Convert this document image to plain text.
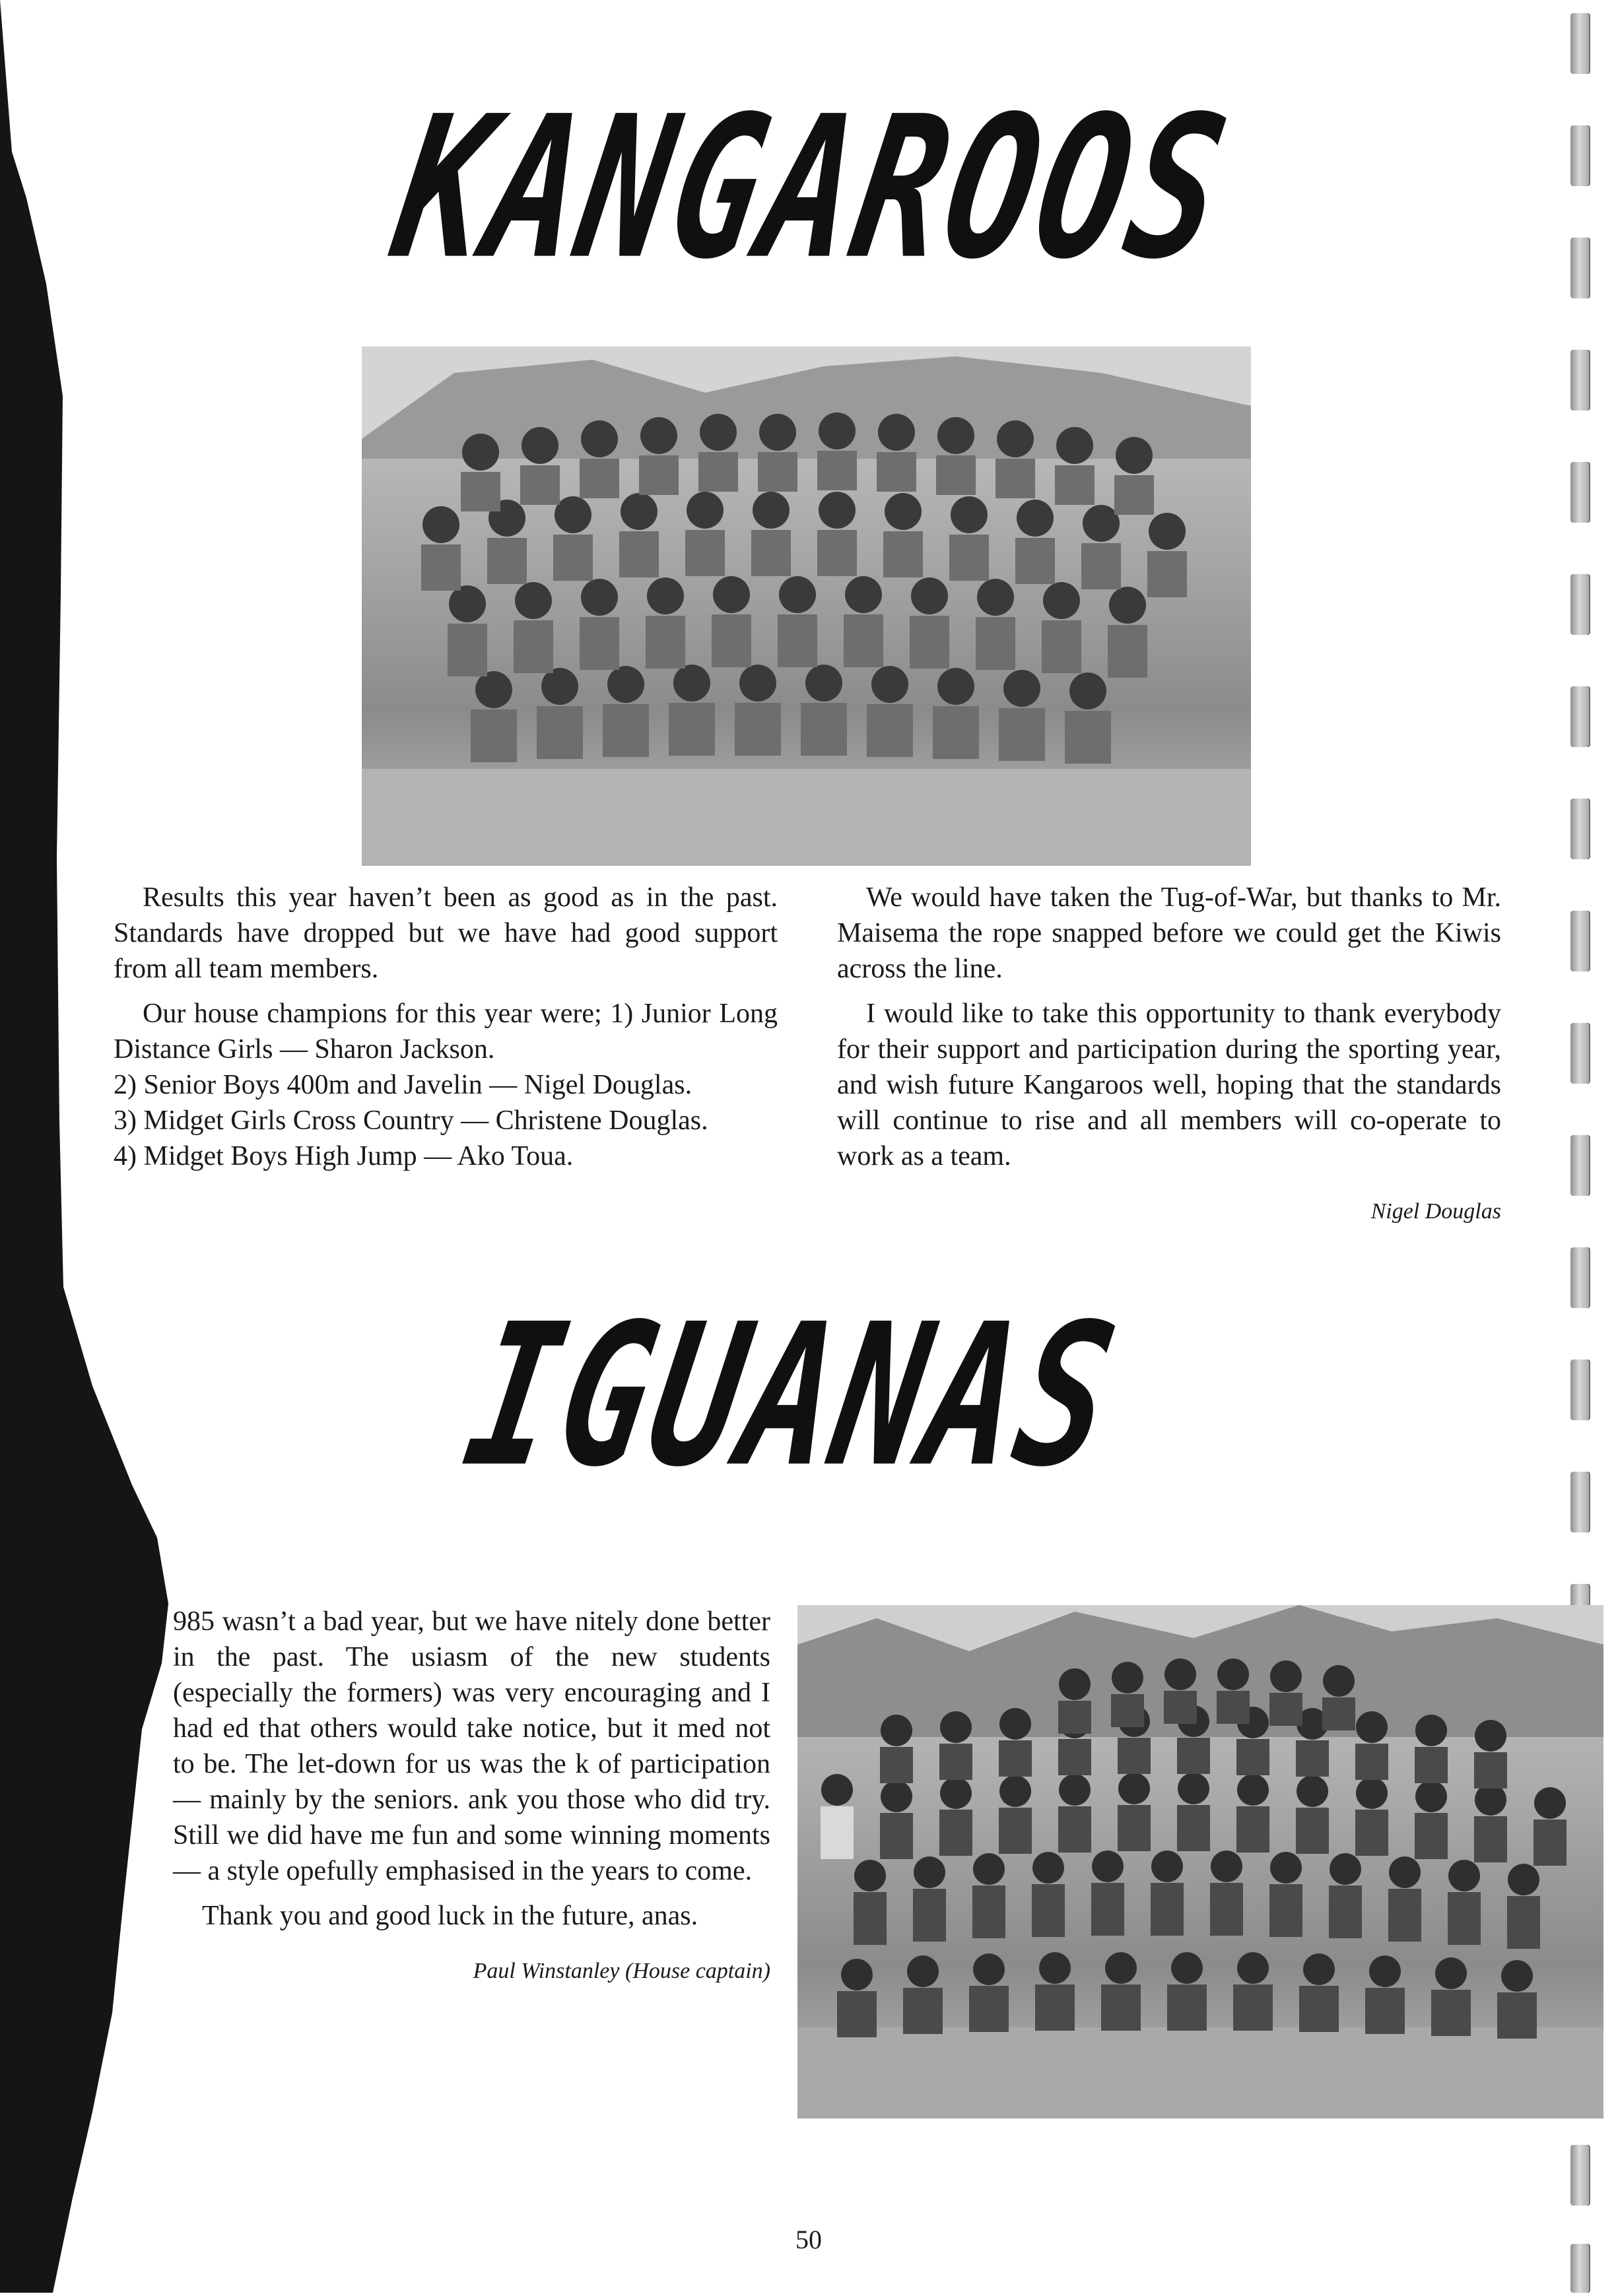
KANGAROOS

Results this year haven’t been as good as in the past. Standards have dropped but we have had good support from all team members.

Our house champions for this year were; 1) Junior Long Distance Girls — Sharon Jackson.

2) Senior Boys 400m and Javelin — Nigel Douglas.
3) Midget Girls Cross Country — Christene Douglas.
4) Midget Boys High Jump — Ako Toua.

We would have taken the Tug-of-War, but thanks to Mr. Maisema the rope snapped before we could get the Kiwis across the line.

I would like to take this opportunity to thank everybody for their support and participation during the sporting year, and wish future Kangaroos well, hoping that the standards will continue to rise and all members will co-operate to work as a team.

Nigel Douglas
IGUANAS

985 wasn’t a bad year, but we have nitely done better in the past. The usiasm of the new students (especially the formers) was very encouraging and I had ed that others would take notice, but it med not to be. The let-down for us was the k of participation — mainly by the seniors. ank you those who did try. Still we did have me fun and some winning moments — a style opefully emphasised in the years to come.

Thank you and good luck in the future, anas.

Paul Winstanley (House captain)
50
